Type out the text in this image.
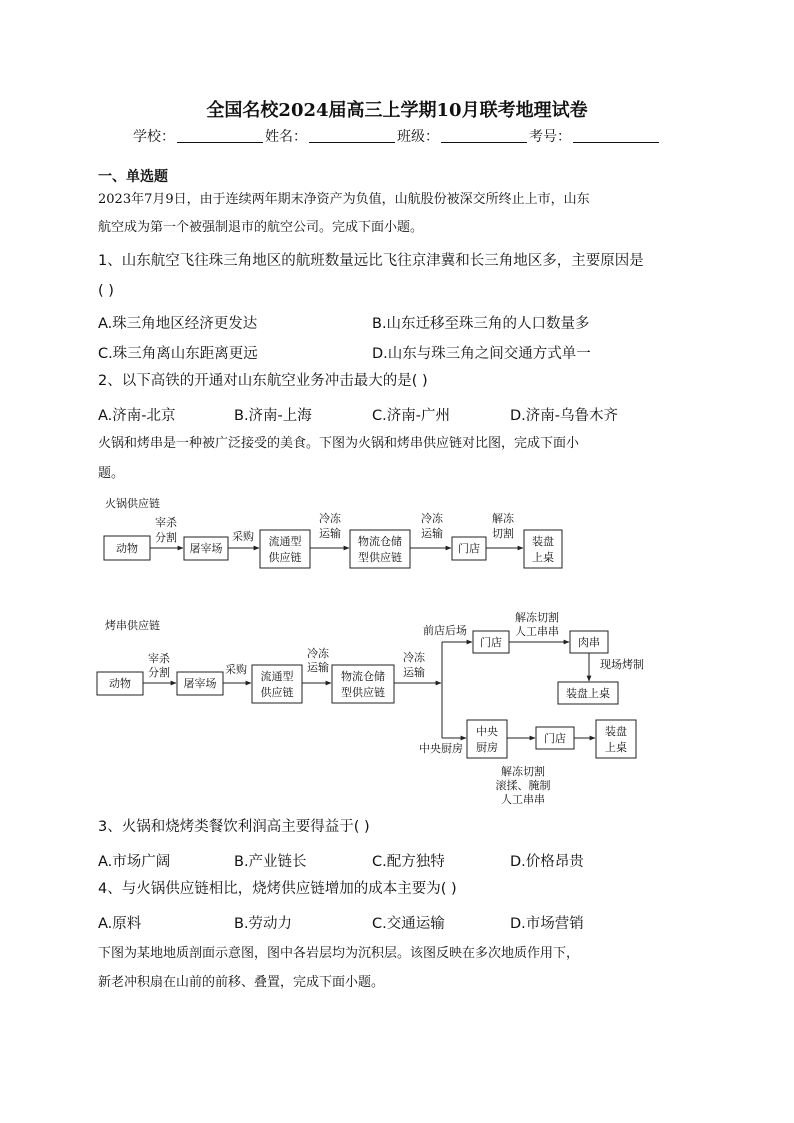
全国名校2024届高三上学期10月联考地理试卷
学校：	姓名：	班级：	考号：
一、单选题

2023年7月9日，由于连续两年期末净资产为负值，山航股份被深交所终止上市，山东
航空成为第一个被强制退市的航空公司。完成下面小题。
1、山东航空飞往珠三角地区的航班数量远比飞往京津冀和长三角地区多，主要原因是
( )
A.珠三角地区经济更发达	B.山东迁移至珠三角的人口数量多
C.珠三角离山东距离更远	D.山东与珠三角之间交通方式单一
2、以下高铁的开通对山东航空业务冲击最大的是( )
A.济南-北京	B.济南-上海	C.济南-广州	D.济南-乌鲁木齐
火锅和烤串是一种被广泛接受的美食。下图为火锅和烤串供应链对比图，完成下面小
题。
火锅供应链
动物
宰杀
分割
屠宰场
采购 流通型
供应链
冷冻
运输
物流仓储
型供应链
冷冻
运输
门店
解冻
切割
装盘
上桌
烤串供应链
动物
宰杀
分割
屠宰场
采购
流通型
供应链
冷冻
运输
物流仓储
型供应链
冷冻
运输
前店后场
门店
解冻切割
人工串串
肉串
现场烤制
装盘上桌
中央厨房
中央
厨房
门店
装盘
上桌
解冻切割
滚揉、腌制
人工串串
3、火锅和烧烤类餐饮利润高主要得益于( )
A.市场广阔	B.产业链长	C.配方独特	D.价格昂贵
4、与火锅供应链相比，烧烤供应链增加的成本主要为( )
A.原料	B.劳动力	C.交通运输	D.市场营销
下图为某地地质剖面示意图，图中各岩层均为沉积层。该图反映在多次地质作用下，
新老冲积扇在山前的前移、叠置，完成下面小题。
